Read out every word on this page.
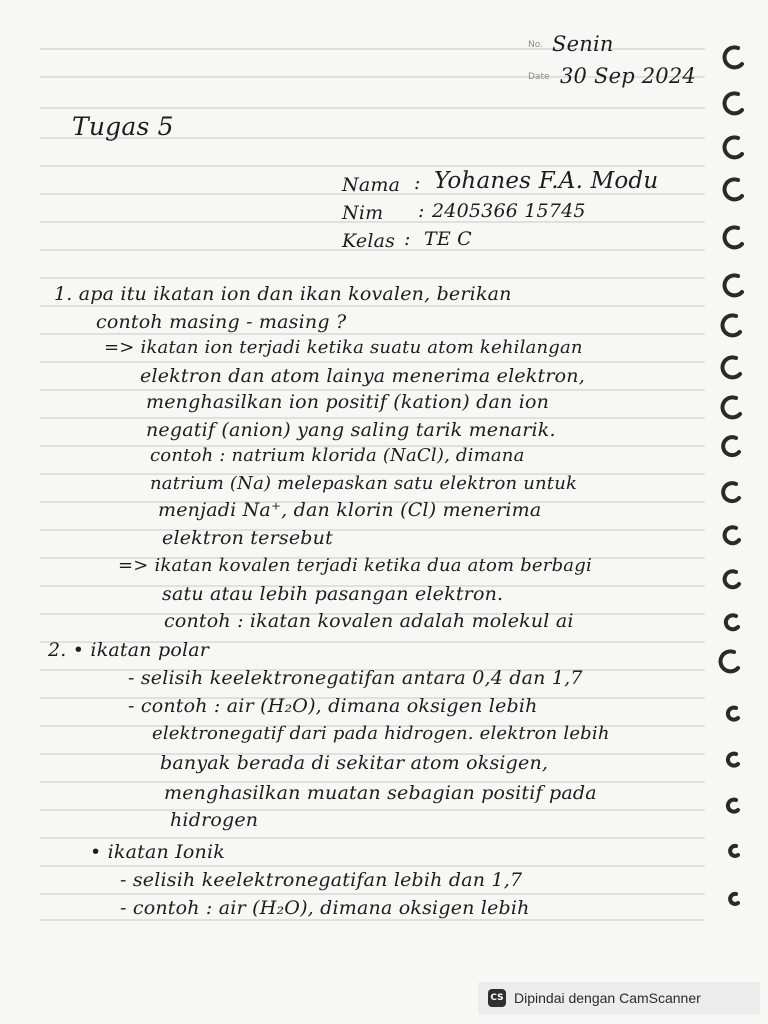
No. Senin
Date 30 Sep 2024
Tugas 5
Nama : Yohanes F.A. Modu
Nim : 2405366 15745
Kelas : TE C
1. apa itu ikatan ion dan ikan kovalen, berikan
contoh masing - masing ?
=> ikatan ion terjadi ketika suatu atom kehilangan
elektron dan atom lainya menerima elektron,
menghasilkan ion positif (kation) dan ion
negatif (anion) yang saling tarik menarik.
contoh : natrium klorida (NaCl), dimana
natrium (Na) melepaskan satu elektron untuk
menjadi Na⁺, dan klorin (Cl) menerima
elektron tersebut
=> ikatan kovalen terjadi ketika dua atom berbagi
satu atau lebih pasangan elektron.
contoh : ikatan kovalen adalah molekul ai
2. • ikatan polar
- selisih keelektronegatifan antara 0,4 dan 1,7
- contoh : air (H₂O), dimana oksigen lebih
elektronegatif dari pada hidrogen. elektron lebih
banyak berada di sekitar atom oksigen,
menghasilkan muatan sebagian positif pada
hidrogen
• ikatan Ionik
- selisih keelektronegatifan lebih dan 1,7
- contoh : air (H₂O), dimana oksigen lebih
CS Dipindai dengan CamScanner
